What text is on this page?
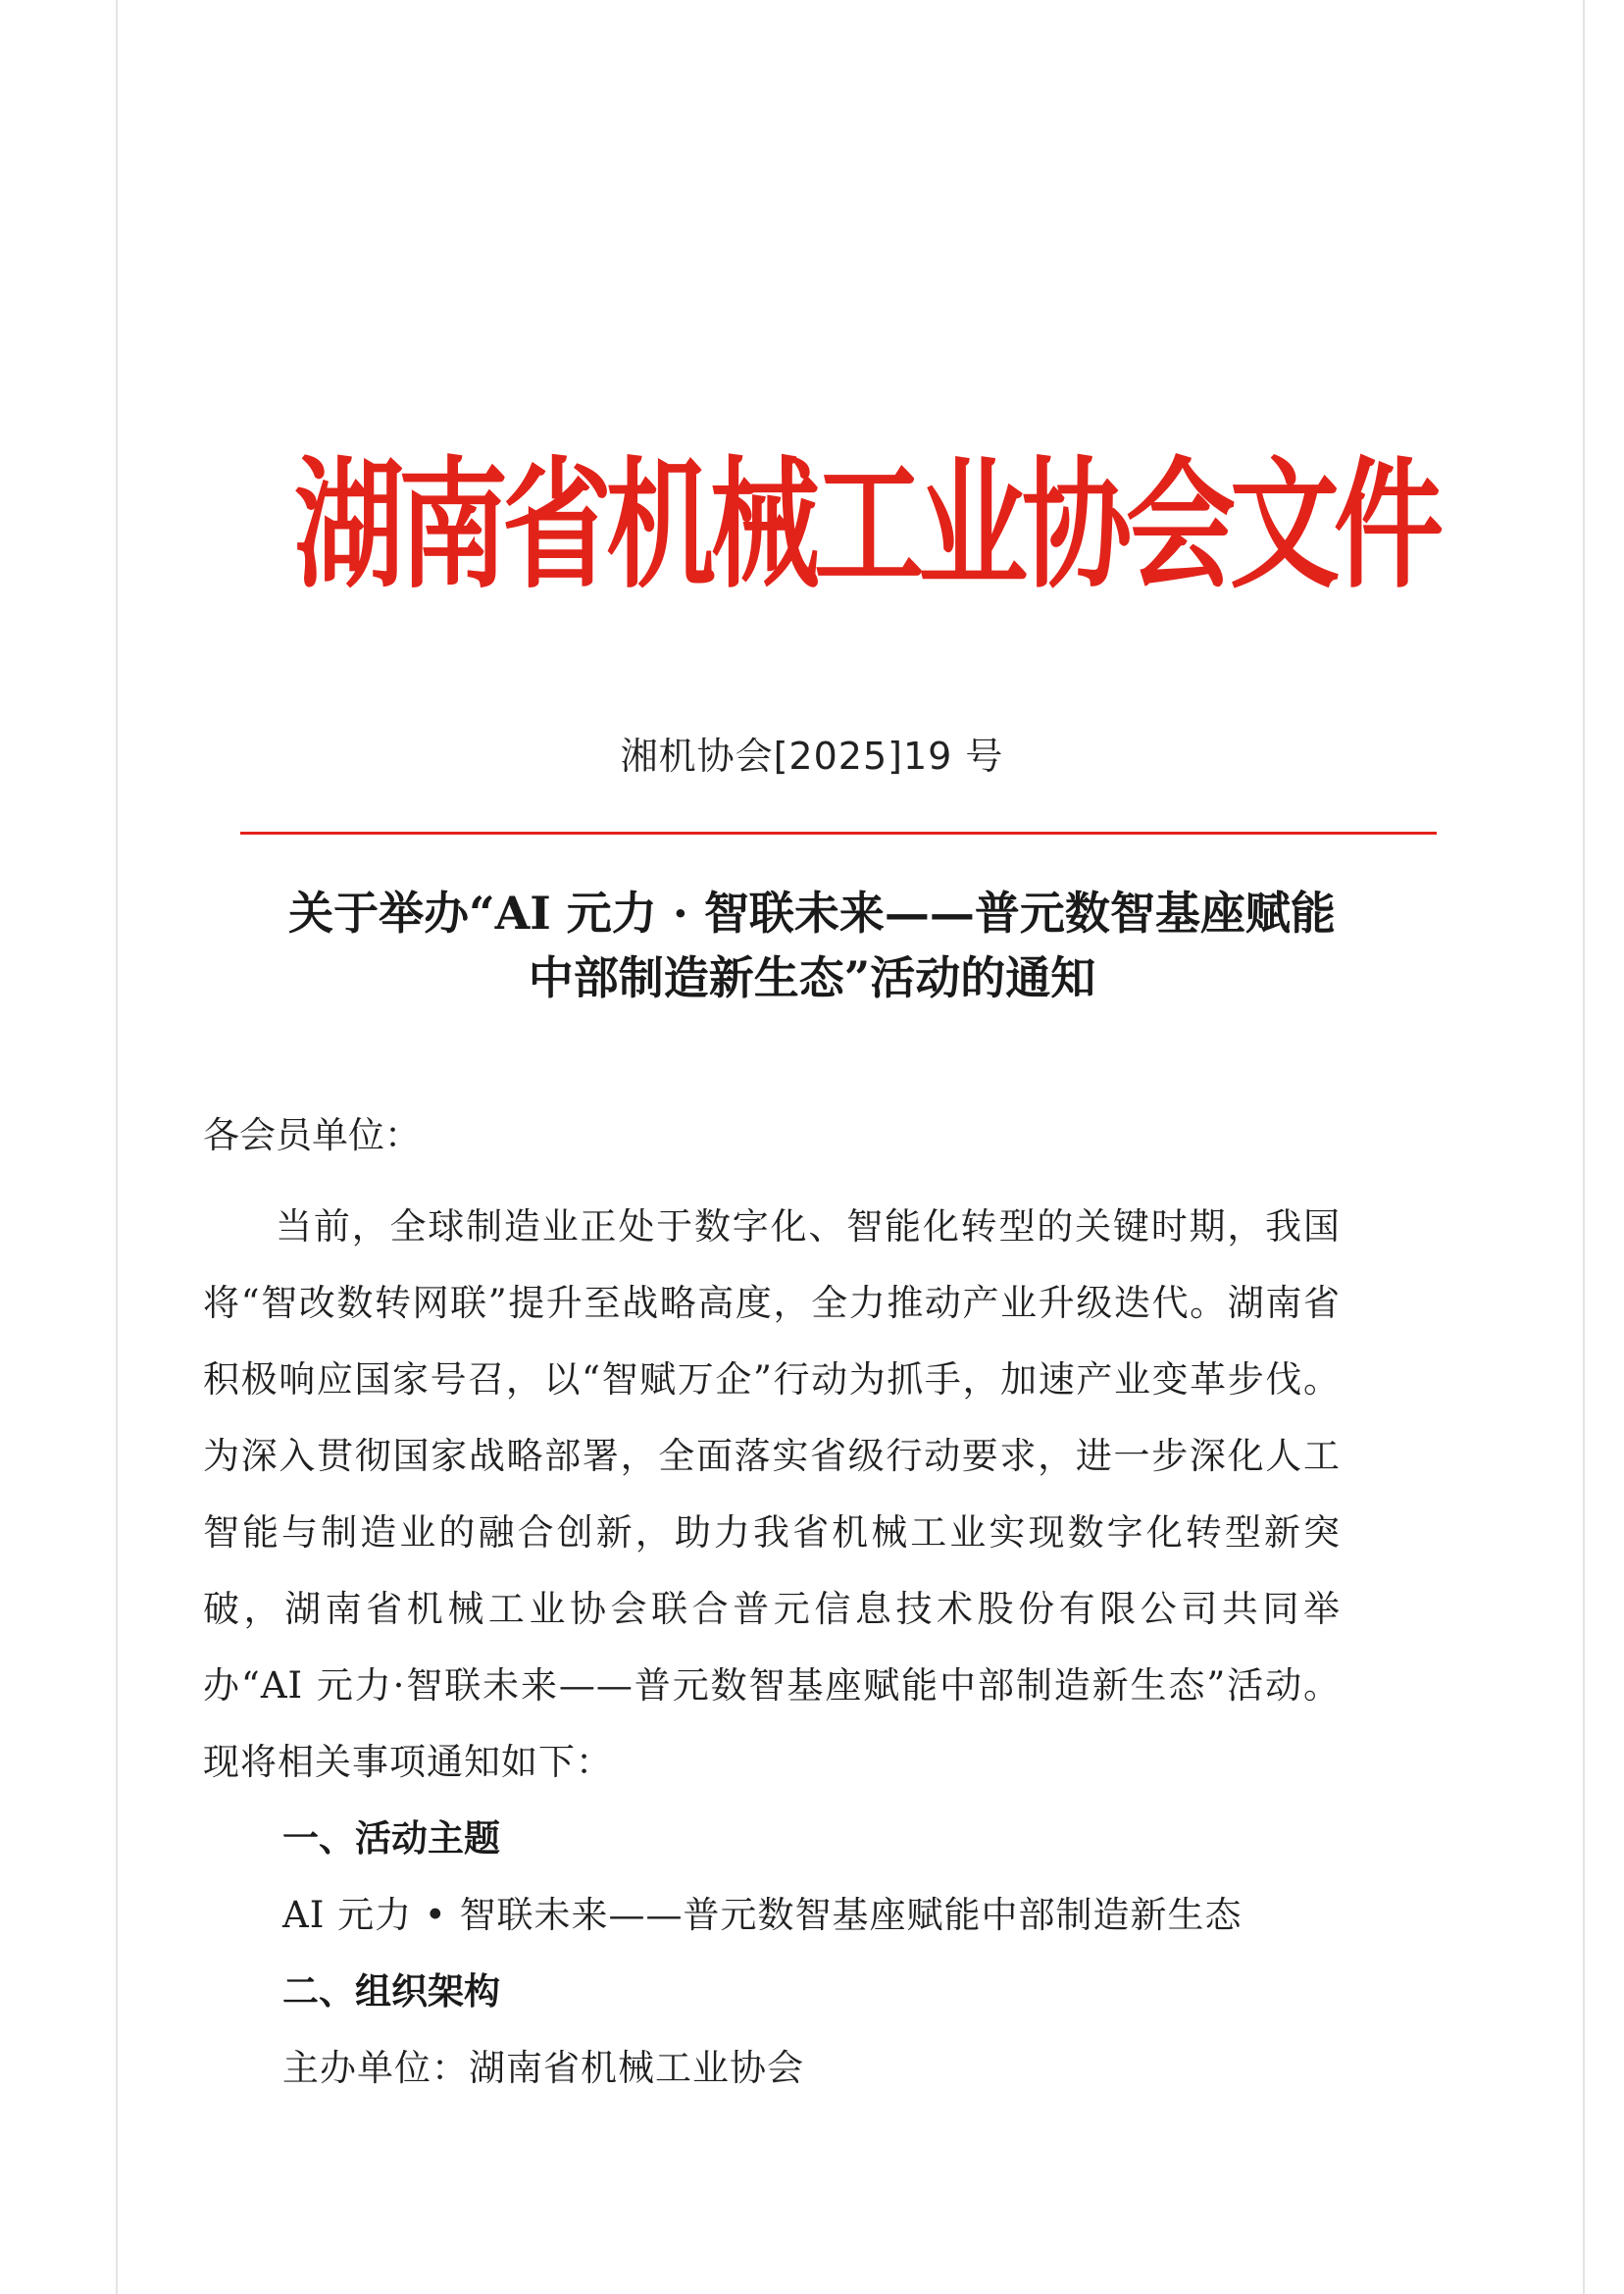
湖南省机械工业协会文件
湘机协会[2025]19 号
关于举办“AI 元力 · 智联未来——普元数智基座赋能
中部制造新生态”活动的通知
各会员单位：

当前，全球制造业正处于数字化、智能化转型的关键时期，我国将“智改数转网联”提升至战略高度，全力推动产业升级迭代。湖南省积极响应国家号召，以“智赋万企”行动为抓手，加速产业变革步伐。为深入贯彻国家战略部署，全面落实省级行动要求，进一步深化人工智能与制造业的融合创新，助力我省机械工业实现数字化转型新突破，湖南省机械工业协会联合普元信息技术股份有限公司共同举办“AI 元力·智联未来——普元数智基座赋能中部制造新生态”活动。现将相关事项通知如下：

一、活动主题
AI 元力 • 智联未来——普元数智基座赋能中部制造新生态
二、组织架构
主办单位：湖南省机械工业协会
